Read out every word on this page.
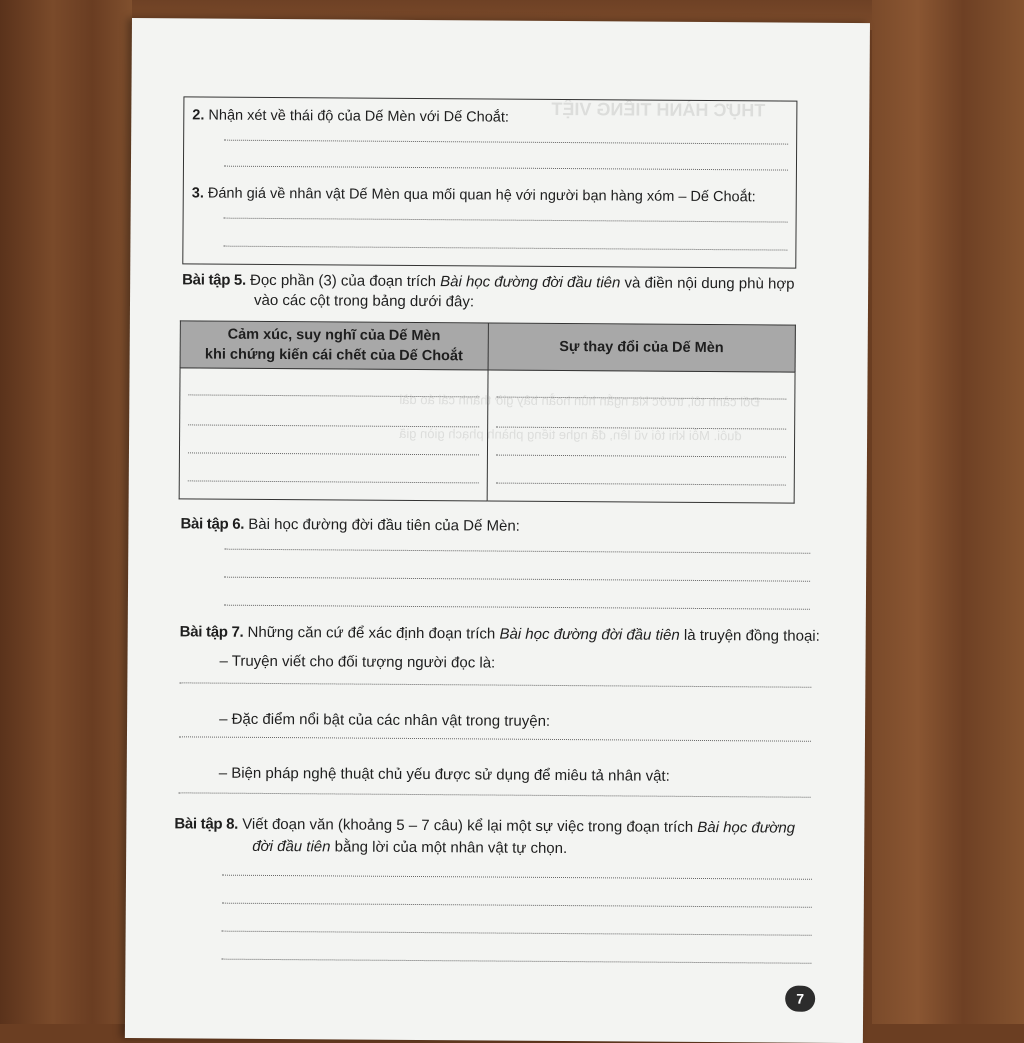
THỰC HÀNH TIẾNG VIỆT
Đối cảnh tôi, trước kia ngắn hủn hoẳn bây giờ thành cái áo dài
đuôi. Mỗi khi tôi vũ lên, đã nghe tiếng phành phạch giòn giã
2. Nhận xét về thái độ của Dế Mèn với Dế Choắt:
3. Đánh giá về nhân vật Dế Mèn qua mối quan hệ với người bạn hàng xóm – Dế Choắt:
Bài tập 5. Đọc phần (3) của đoạn trích Bài học đường đời đầu tiên và điền nội dung phù hợp
vào các cột trong bảng dưới đây:
Cảm xúc, suy nghĩ của Dế Mèn
khi chứng kiến cái chết của Dế Choắt	Sự thay đổi của Dế Mèn

Bài tập 6. Bài học đường đời đầu tiên của Dế Mèn:
Bài tập 7. Những căn cứ để xác định đoạn trích Bài học đường đời đầu tiên là truyện đồng thoại:
– Truyện viết cho đối tượng người đọc là:
– Đặc điểm nổi bật của các nhân vật trong truyện:
– Biện pháp nghệ thuật chủ yếu được sử dụng để miêu tả nhân vật:
Bài tập 8. Viết đoạn văn (khoảng 5 – 7 câu) kể lại một sự việc trong đoạn trích Bài học đường
đời đầu tiên bằng lời của một nhân vật tự chọn.
7
